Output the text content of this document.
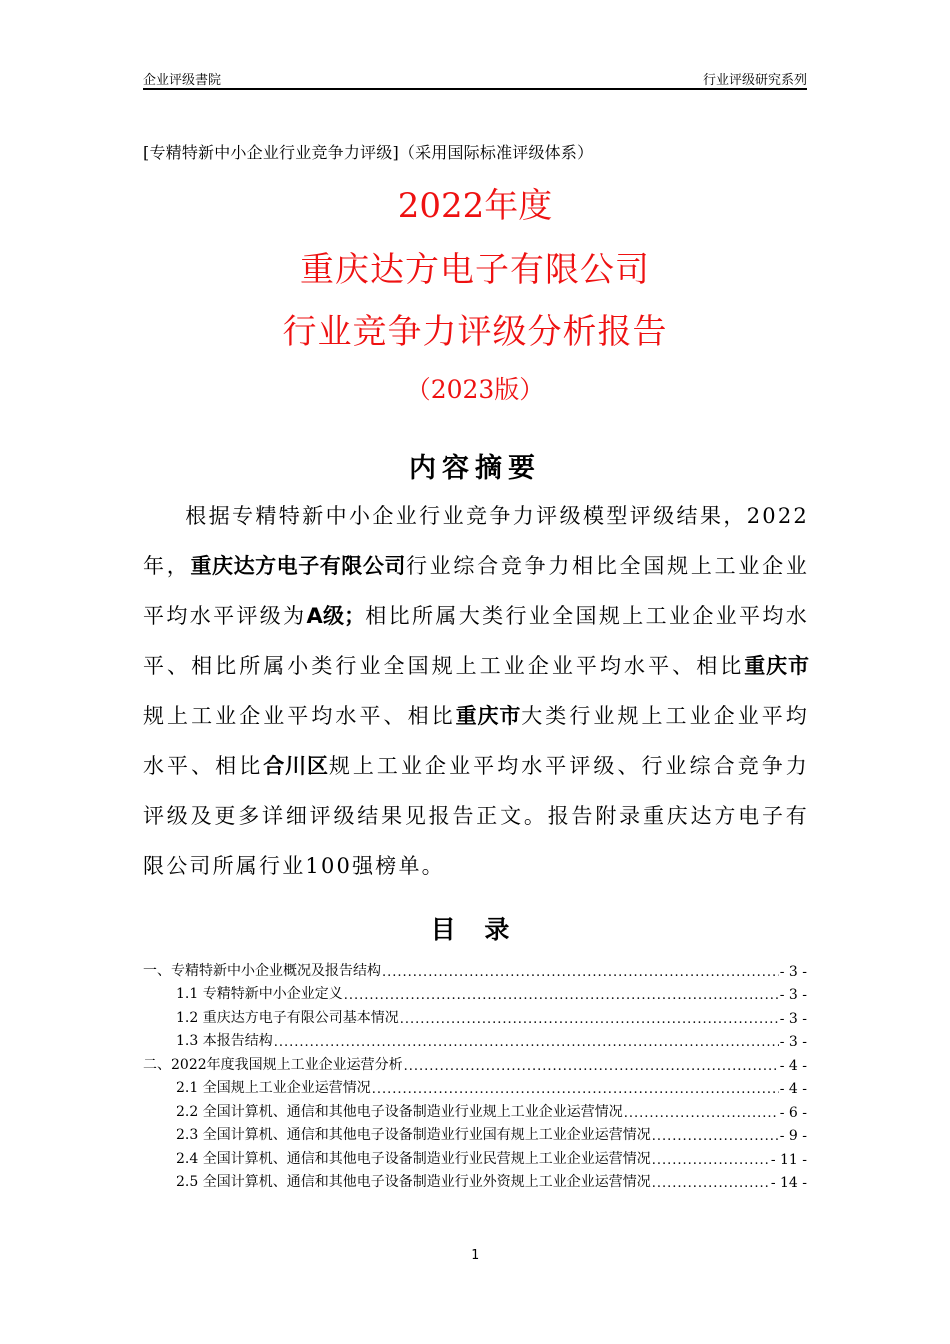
企业评级書院	行业评级研究系列
[专精特新中小企业行业竞争力评级]（采用国际标准评级体系）
2022年度
重庆达方电子有限公司
行业竞争力评级分析报告
（2023版）
内容摘要
根据专精特新中小企业行业竞争力评级模型评级结果，2022年，重庆达方电子有限公司行业综合竞争力相比全国规上工业企业平均水平评级为A级；相比所属大类行业全国规上工业企业平均水平、相比所属小类行业全国规上工业企业平均水平、相比重庆市规上工业企业平均水平、相比重庆市大类行业规上工业企业平均水平、相比合川区规上工业企业平均水平评级、行业综合竞争力评级及更多详细评级结果见报告正文。报告附录重庆达方电子有限公司所属行业100强榜单。
目 录
一、专精特新中小企业概况及报告结构 .....	- 3 -
1.1 专精特新中小企业定义 .....	- 3 -
1.2 重庆达方电子有限公司基本情况 .....	- 3 -
1.3 本报告结构 .....	- 3 -
二、2022年度我国规上工业企业运营分析 .....	- 4 -
2.1 全国规上工业企业运营情况 .....	- 4 -
2.2 全国计算机、通信和其他电子设备制造业行业规上工业企业运营情况 .....	- 6 -
2.3 全国计算机、通信和其他电子设备制造业行业国有规上工业企业运营情况 .....	- 9 -
2.4 全国计算机、通信和其他电子设备制造业行业民营规上工业企业运营情况 .....	- 11 -
2.5 全国计算机、通信和其他电子设备制造业行业外资规上工业企业运营情况 .....	- 14 -
1
